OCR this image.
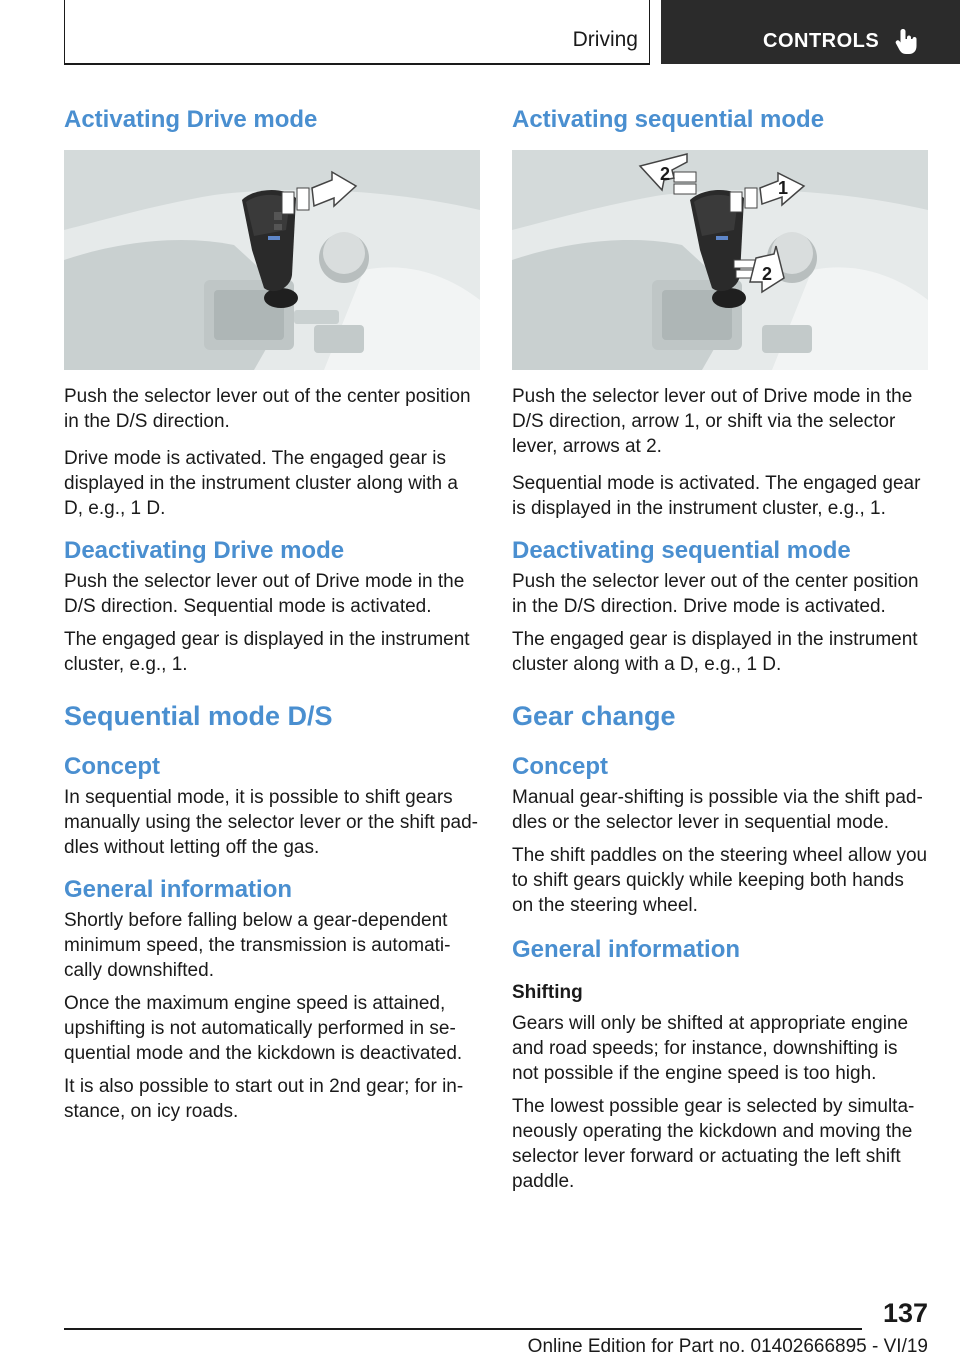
Driving	CONTROLS
Activating Drive mode

Push the selector lever out of the center position in the D/S direction.

Drive mode is activated. The engaged gear is displayed in the instrument cluster along with a D, e.g., 1 D.

Deactivating Drive mode

Push the selector lever out of Drive mode in the D/S direction. Sequential mode is activated.

The engaged gear is displayed in the instrument cluster, e.g., 1.

Sequential mode D/S
Concept

In sequential mode, it is possible to shift gears manually using the selector lever or the shift pad‐dles without letting off the gas.

General information

Shortly before falling below a gear-dependent minimum speed, the transmission is automati‐cally downshifted.

Once the maximum engine speed is attained, upshifting is not automatically performed in se‐quential mode and the kickdown is deactivated.

It is also possible to start out in 2nd gear; for in‐stance, on icy roads.

Activating sequential mode
1
2
2

Push the selector lever out of Drive mode in the D/S direction, arrow 1, or shift via the selector lever, arrows at 2.

Sequential mode is activated. The engaged gear is displayed in the instrument cluster, e.g., 1.

Deactivating sequential mode

Push the selector lever out of the center position in the D/S direction. Drive mode is activated.

The engaged gear is displayed in the instrument cluster along with a D, e.g., 1 D.

Gear change
Concept

Manual gear-shifting is possible via the shift pad‐dles or the selector lever in sequential mode.

The shift paddles on the steering wheel allow you to shift gears quickly while keeping both hands on the steering wheel.

General information

Shifting

Gears will only be shifted at appropriate engine and road speeds; for instance, downshifting is not possible if the engine speed is too high.

The lowest possible gear is selected by simulta‐neously operating the kickdown and moving the selector lever forward or actuating the left shift paddle.

137
Online Edition for Part no. 01402666895 - VI/19
